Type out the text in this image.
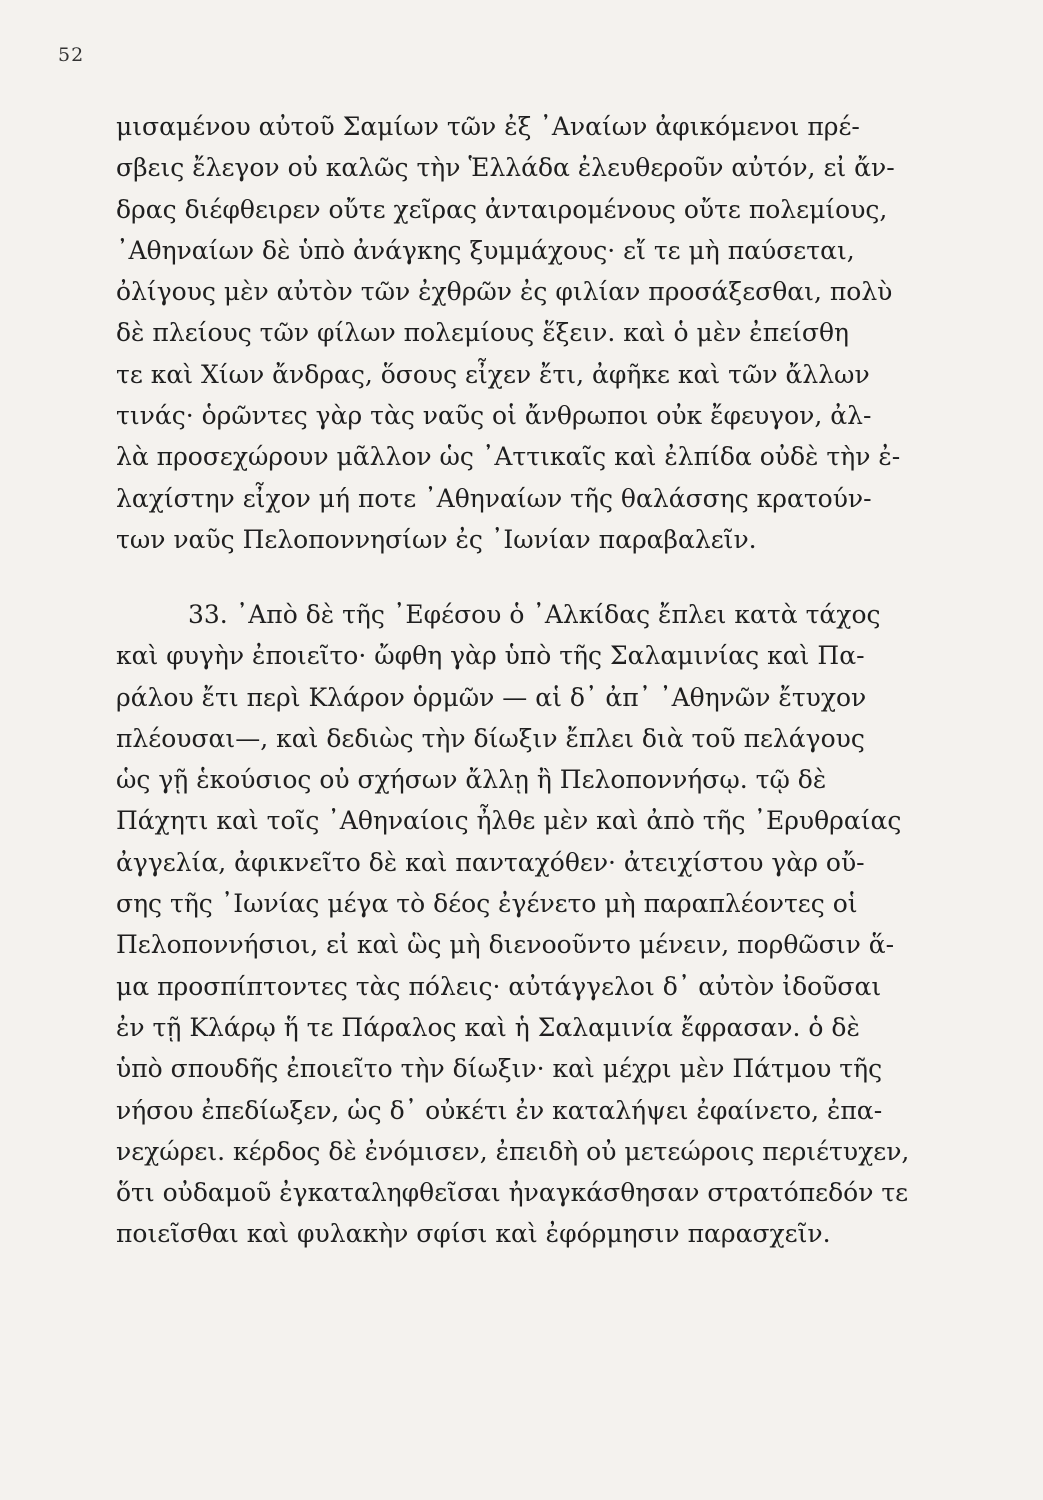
52
μισαμένου αὐτοῦ Σαμίων τῶν ἐξ ᾿Αναίων ἀφικόμενοι πρέ-
σβεις ἔλεγον οὐ καλῶς τὴν Ἑλλάδα ἐλευθεροῦν αὐτόν, εἰ ἄν-
δρας διέφθειρεν οὔτε χεῖρας ἀνταιρομένους οὔτε πολεμίους,
᾿Αθηναίων δὲ ὑπὸ ἀνάγκης ξυμμάχους· εἴ τε μὴ παύσεται,
ὀλίγους μὲν αὐτὸν τῶν ἐχθρῶν ἐς φιλίαν προσάξεσθαι, πολὺ
δὲ πλείους τῶν φίλων πολεμίους ἕξειν. καὶ ὁ μὲν ἐπείσθη
τε καὶ Χίων ἄνδρας, ὅσους εἶχεν ἔτι, ἀφῆκε καὶ τῶν ἄλλων
τινάς· ὁρῶντες γὰρ τὰς ναῦς οἱ ἄνθρωποι οὐκ ἔφευγον, ἀλ-
λὰ προσεχώρουν μᾶλλον ὡς ᾿Αττικαῖς καὶ ἐλπίδα οὐδὲ τὴν ἐ-
λαχίστην εἶχον μή ποτε ᾿Αθηναίων τῆς θαλάσσης κρατούν-
των ναῦς Πελοποννησίων ἐς ᾿Ιωνίαν παραβαλεῖν.
33. ᾿Απὸ δὲ τῆς ᾿Εφέσου ὁ ᾿Αλκίδας ἔπλει κατὰ τάχος
καὶ φυγὴν ἐποιεῖτο· ὤφθη γὰρ ὑπὸ τῆς Σαλαμινίας καὶ Πα-
ράλου ἔτι περὶ Κλάρον ὁρμῶν — αἱ δ᾿ ἀπ᾿ ᾿Αθηνῶν ἔτυχον
πλέουσαι—, καὶ δεδιὼς τὴν δίωξιν ἔπλει διὰ τοῦ πελάγους
ὡς γῇ ἑκούσιος οὐ σχήσων ἄλλῃ ἢ Πελοποννήσῳ. τῷ δὲ
Πάχητι καὶ τοῖς ᾿Αθηναίοις ἦλθε μὲν καὶ ἀπὸ τῆς ᾿Ερυθραίας
ἀγγελία, ἀφικνεῖτο δὲ καὶ πανταχόθεν· ἀτειχίστου γὰρ οὔ-
σης τῆς ᾿Ιωνίας μέγα τὸ δέος ἐγένετο μὴ παραπλέοντες οἱ
Πελοποννήσιοι, εἰ καὶ ὣς μὴ διενοοῦντο μένειν, πορθῶσιν ἅ-
μα προσπίπτοντες τὰς πόλεις· αὐτάγγελοι δ᾿ αὐτὸν ἰδοῦσαι
ἐν τῇ Κλάρῳ ἥ τε Πάραλος καὶ ἡ Σαλαμινία ἔφρασαν. ὁ δὲ
ὑπὸ σπουδῆς ἐποιεῖτο τὴν δίωξιν· καὶ μέχρι μὲν Πάτμου τῆς
νήσου ἐπεδίωξεν, ὡς δ᾿ οὐκέτι ἐν καταλήψει ἐφαίνετο, ἐπα-
νεχώρει. κέρδος δὲ ἐνόμισεν, ἐπειδὴ οὐ μετεώροις περιέτυχεν,
ὅτι οὐδαμοῦ ἐγκαταληφθεῖσαι ἠναγκάσθησαν στρατόπεδόν τε
ποιεῖσθαι καὶ φυλακὴν σφίσι καὶ ἐφόρμησιν παρασχεῖν.
